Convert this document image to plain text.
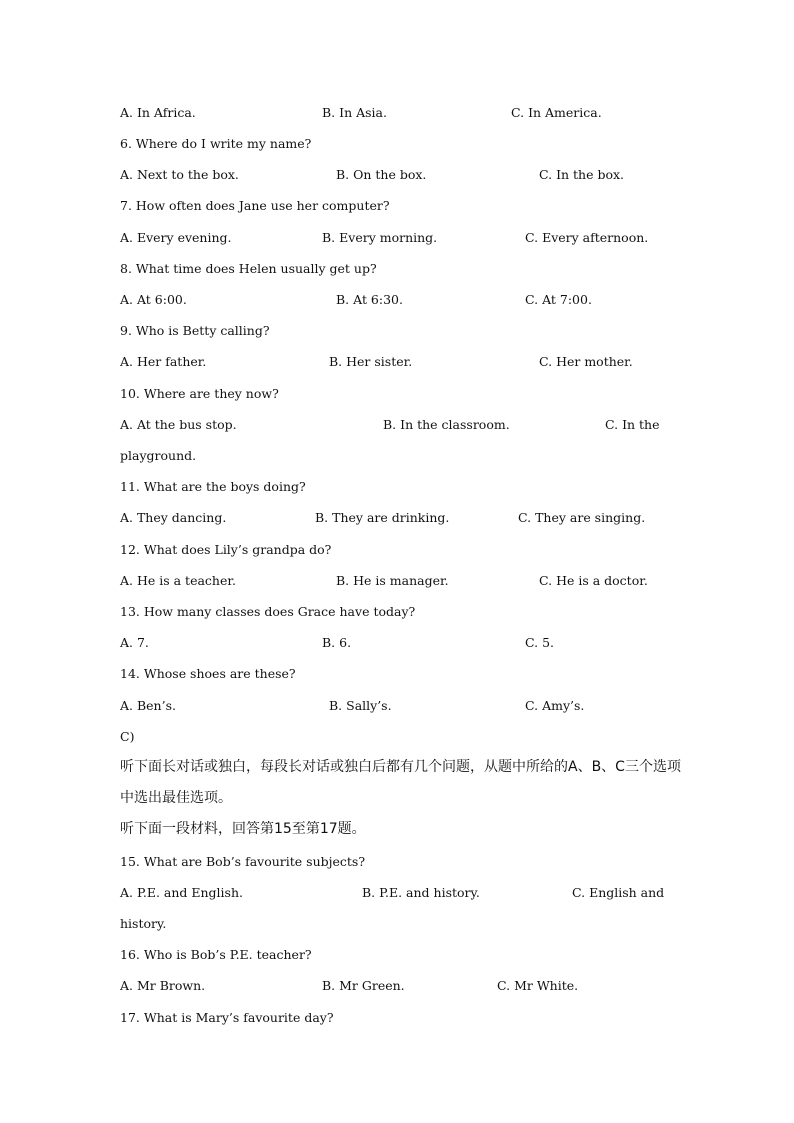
A. In Africa.	B. In Asia.	C. In America.
6. Where do I write my name?
A. Next to the box.	B. On the box.	C. In the box.
7. How often does Jane use her computer?
A. Every evening.	B. Every morning.	C. Every afternoon.
8. What time does Helen usually get up?
A. At 6:00.	B. At 6:30.	C. At 7:00.
9. Who is Betty calling?
A. Her father.	B. Her sister.	C. Her mother.
10. Where are they now?
A. At the bus stop.	B. In the classroom.	C. In the
playground.
11. What are the boys doing?
A. They dancing.	B. They are drinking.	C. They are singing.
12. What does Lily’s grandpa do?
A. He is a teacher.	B. He is manager.	C. He is a doctor.
13. How many classes does Grace have today?
A. 7.	B. 6.	C. 5.
14. Whose shoes are these?
A. Ben’s.	B. Sally’s.	C. Amy’s.
C)
听下面长对话或独白，每段长对话或独白后都有几个问题，从题中所给的A、B、C三个选项
中选出最佳选项。
听下面一段材料，回答第15至第17题。
15. What are Bob’s favourite subjects?
A. P.E. and English.	B. P.E. and history.	C. English and
history.
16. Who is Bob’s P.E. teacher?
A. Mr Brown.	B. Mr Green.	C. Mr White.
17. What is Mary’s favourite day?
